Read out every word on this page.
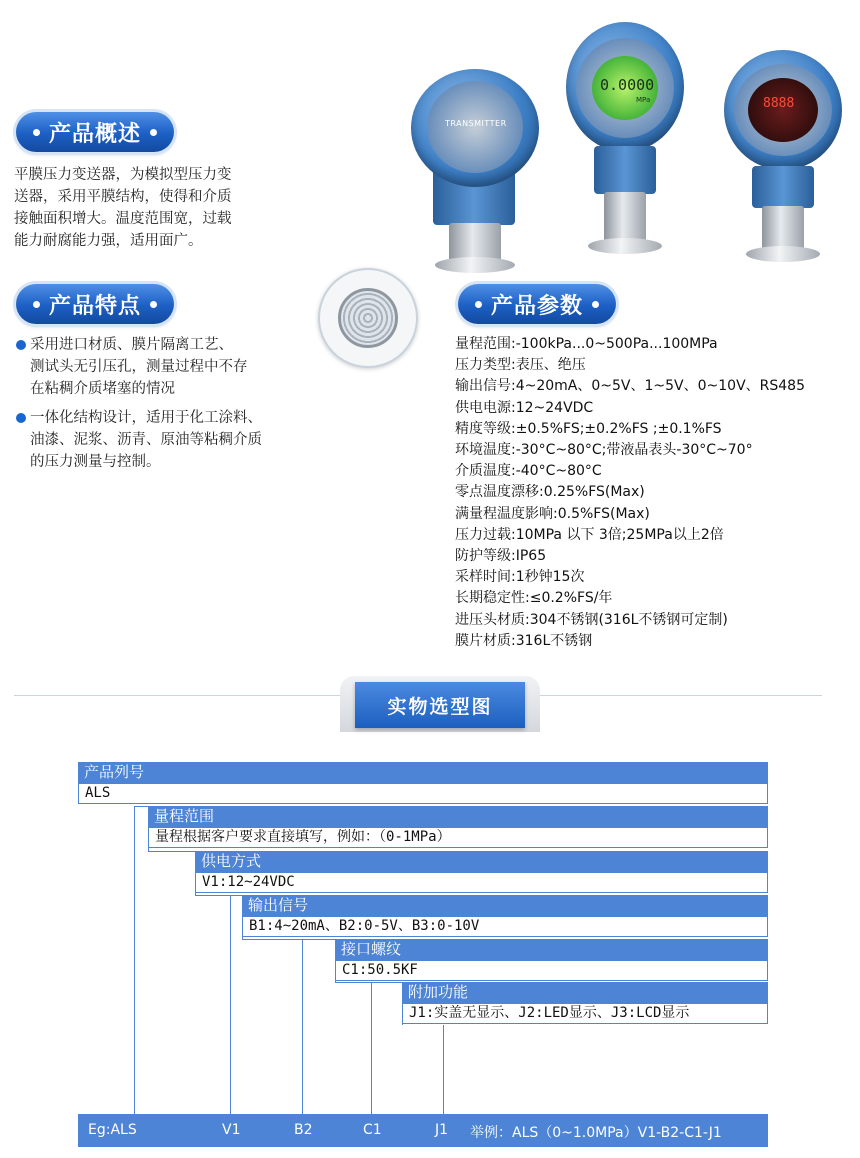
产品概述
平膜压力变送器，为模拟型压力变
送器，采用平膜结构，使得和介质
接触面积增大。温度范围宽，过载
能力耐腐能力强，适用面广。
产品特点
采用进口材质、膜片隔离工艺、
测试头无引压孔，测量过程中不存
在粘稠介质堵塞的情况
一体化结构设计，适用于化工涂料、
油漆、泥浆、沥青、原油等粘稠介质
的压力测量与控制。
TRANSMITTER
0.0000
MPa	8888
产品参数
量程范围:-100kPa...0~500Pa...100MPa
压力类型:表压、绝压
输出信号:4~20mA、0~5V、1~5V、0~10V、RS485
供电电源:12~24VDC
精度等级:±0.5%FS;±0.2%FS ;±0.1%FS
环境温度:-30°C~80°C;带液晶表头-30°C~70°
介质温度:-40°C~80°C
零点温度漂移:0.25%FS(Max)
满量程温度影响:0.5%FS(Max)
压力过载:10MPa 以下 3倍;25MPa以上2倍
防护等级:IP65
采样时间:1秒钟15次
长期稳定性:≤0.2%FS/年
进压头材质:304不锈钢(316L不锈钢可定制)
膜片材质:316L不锈钢
实物选型图
产品列号
ALS
量程范围
量程根据客户要求直接填写，例如：（0-1MPa）
供电方式
V1:12~24VDC
输出信号
B1:4~20mA、B2:0-5V、B3:0-10V
接口螺纹
C1:50.5KF
附加功能
J1:实盖无显示、J2:LED显示、J3:LCD显示
Eg:ALS	V1	B2	C1	J1 举例：ALS（0~1.0MPa）V1-B2-C1-J1
